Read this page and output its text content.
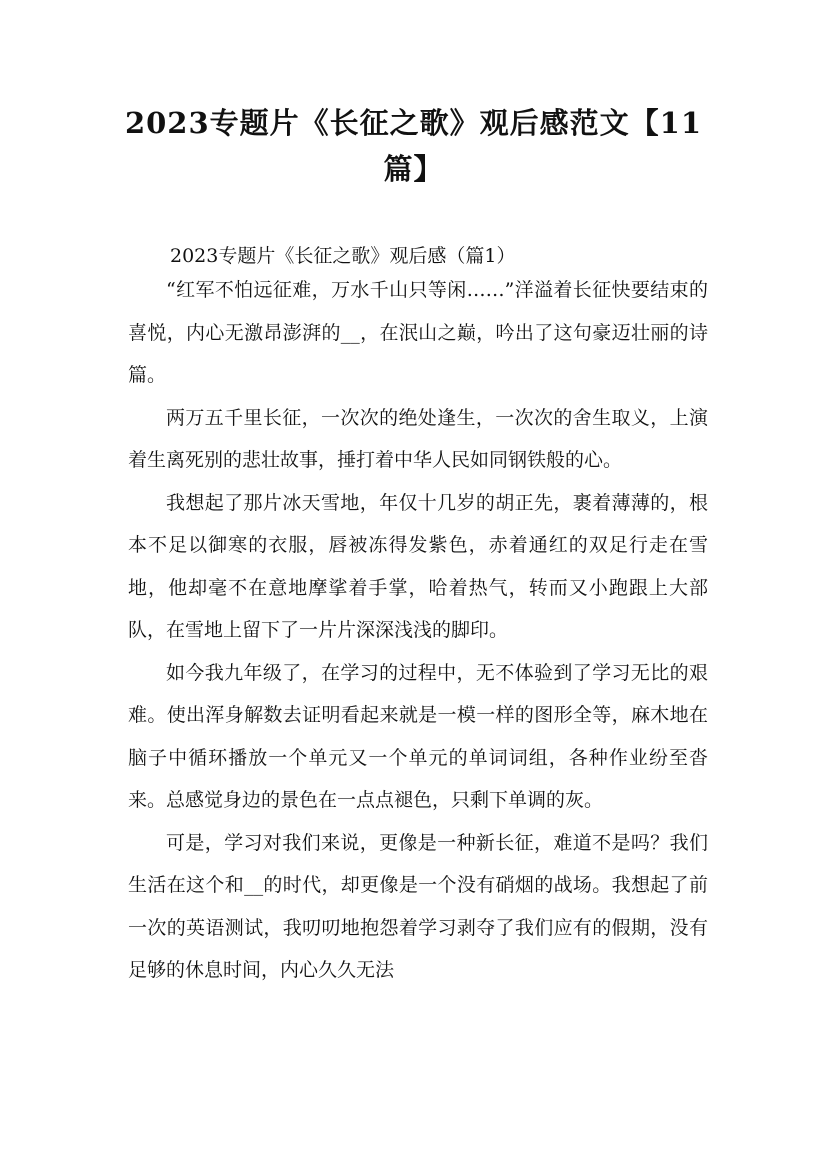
2023专题片《长征之歌》观后感范文【11篇】
2023专题片《长征之歌》观后感（篇1）

“红军不怕远征难，万水千山只等闲……”洋溢着长征快要结束的喜悦，内心无激昂澎湃的__，在泯山之巅，吟出了这句豪迈壮丽的诗篇。

两万五千里长征，一次次的绝处逢生，一次次的舍生取义，上演着生离死别的悲壮故事，捶打着中华人民如同钢铁般的心。

我想起了那片冰天雪地，年仅十几岁的胡正先，裹着薄薄的，根本不足以御寒的衣服，唇被冻得发紫色，赤着通红的双足行走在雪地，他却毫不在意地摩挲着手掌，哈着热气，转而又小跑跟上大部队，在雪地上留下了一片片深深浅浅的脚印。

如今我九年级了，在学习的过程中，无不体验到了学习无比的艰难。使出浑身解数去证明看起来就是一模一样的图形全等，麻木地在脑子中循环播放一个单元又一个单元的单词词组，各种作业纷至沓来。总感觉身边的景色在一点点褪色，只剩下单调的灰。

可是，学习对我们来说，更像是一种新长征，难道不是吗？我们生活在这个和__的时代，却更像是一个没有硝烟的战场。我想起了前一次的英语测试，我叨叨地抱怨着学习剥夺了我们应有的假期，没有足够的休息时间，内心久久无法
